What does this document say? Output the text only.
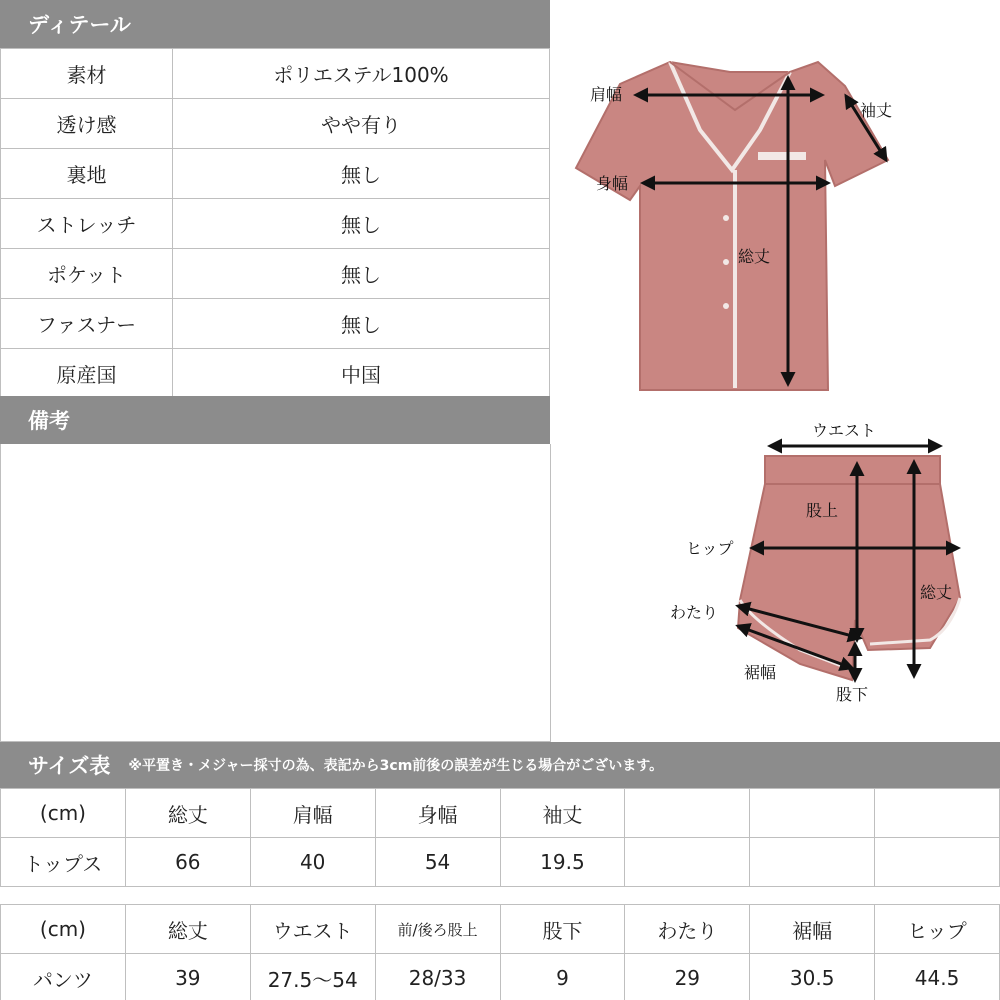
ディテール
素材	ポリエステル100%
透け感	やや有り
裏地	無し
ストレッチ	無し
ポケット	無し
ファスナー	無し
原産国	中国
備考
肩幅
袖丈
身幅
総丈
ウエスト
股上
ヒップ
総丈
わたり
裾幅
股下
サイズ表 ※平置き・メジャー採寸の為、表記から3cm前後の誤差が生じる場合がございます。
(cm)	総丈	肩幅	身幅	袖丈			
トップス	66	40	54	19.5			
(cm)	総丈	ウエスト	前/後ろ股上	股下	わたり	裾幅	ヒップ
パンツ	39	27.5～54	28/33	9	29	30.5	44.5
